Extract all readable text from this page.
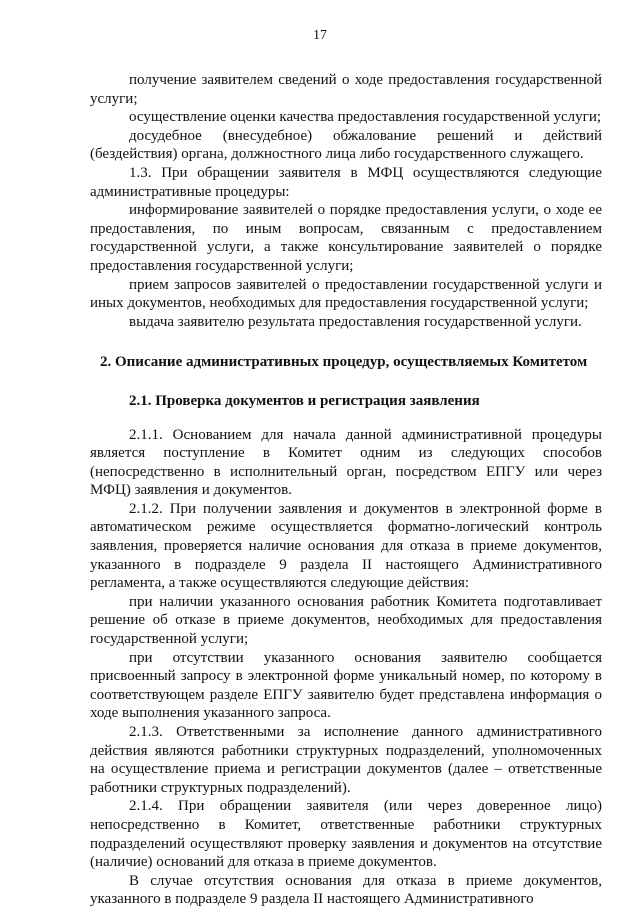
17

получение заявителем сведений о ходе предоставления государственной услуги;

осуществление оценки качества предоставления государственной услуги;

досудебное (внесудебное) обжалование решений и действий (бездействия) органа, должностного лица либо государственного служащего.

1.3. При обращении заявителя в МФЦ осуществляются следующие административные процедуры:

информирование заявителей о порядке предоставления услуги, о ходе ее предоставления, по иным вопросам, связанным с предоставлением государственной услуги, а также консультирование заявителей о порядке предоставления государственной услуги;

прием запросов заявителей о предоставлении государственной услуги и иных документов, необходимых для предоставления государственной услуги;

выдача заявителю результата предоставления государственной услуги.

2. Описание административных процедур, осуществляемых Комитетом

2.1. Проверка документов и регистрация заявления

2.1.1. Основанием для начала данной административной процедуры является поступление в Комитет одним из следующих способов (непосредственно в исполнительный орган, посредством ЕПГУ или через МФЦ) заявления и документов.

2.1.2. При получении заявления и документов в электронной форме в автоматическом режиме осуществляется форматно-логический контроль заявления, проверяется наличие основания для отказа в приеме документов, указанного в подразделе 9 раздела II настоящего Административного регламента, а также осуществляются следующие действия:

при наличии указанного основания работник Комитета подготавливает решение об отказе в приеме документов, необходимых для предоставления государственной услуги;

при отсутствии указанного основания заявителю сообщается присвоенный запросу в электронной форме уникальный номер, по которому в соответствующем разделе ЕПГУ заявителю будет представлена информация о ходе выполнения указанного запроса.

2.1.3. Ответственными за исполнение данного административного действия являются работники структурных подразделений, уполномоченных на осуществление приема и регистрации документов (далее – ответственные работники структурных подразделений).

2.1.4. При обращении заявителя (или через доверенное лицо) непосредственно в Комитет, ответственные работники структурных подразделений осуществляют проверку заявления и документов на отсутствие (наличие) оснований для отказа в приеме документов.

В случае отсутствия основания для отказа в приеме документов, указанного в подразделе 9 раздела II настоящего Административного
